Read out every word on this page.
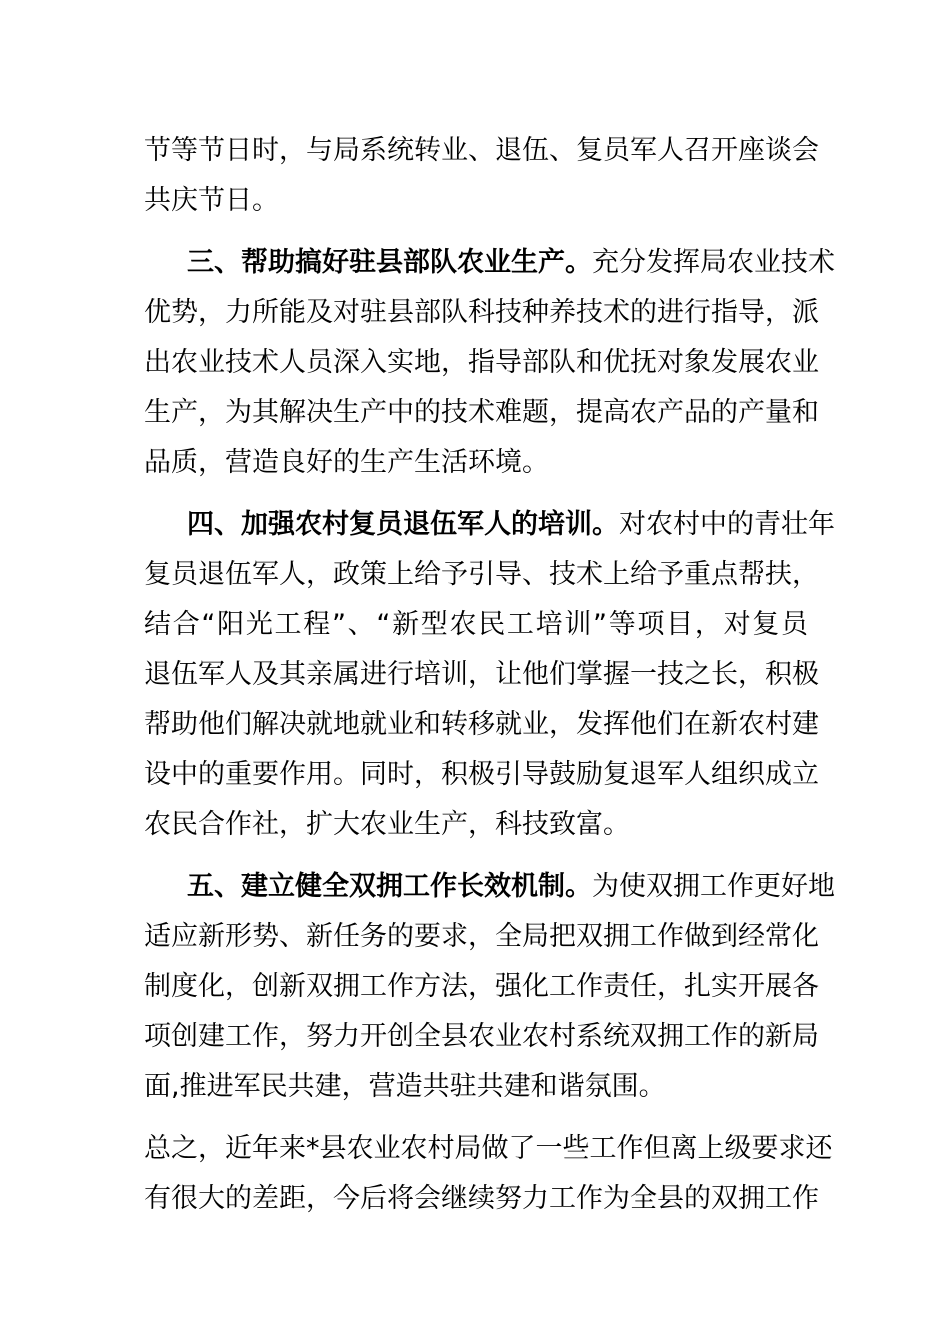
节等节日时，与局系统转业、退伍、复员军人召开座谈会
共庆节日。
三、帮助搞好驻县部队农业生产。充分发挥局农业技术
优势，力所能及对驻县部队科技种养技术的进行指导，派
出农业技术人员深入实地，指导部队和优抚对象发展农业
生产，为其解决生产中的技术难题，提高农产品的产量和
品质，营造良好的生产生活环境。
四、加强农村复员退伍军人的培训。对农村中的青壮年
复员退伍军人，政策上给予引导、技术上给予重点帮扶，
结合“阳光工程”、“新型农民工培训”等项目，对复员
退伍军人及其亲属进行培训，让他们掌握一技之长，积极
帮助他们解决就地就业和转移就业，发挥他们在新农村建
设中的重要作用。同时，积极引导鼓励复退军人组织成立
农民合作社，扩大农业生产，科技致富。
五、建立健全双拥工作长效机制。为使双拥工作更好地
适应新形势、新任务的要求，全局把双拥工作做到经常化
制度化，创新双拥工作方法，强化工作责任，扎实开展各
项创建工作，努力开创全县农业农村系统双拥工作的新局
面,推进军民共建，营造共驻共建和谐氛围。
总之，近年来*县农业农村局做了一些工作但离上级要求还
有很大的差距，今后将会继续努力工作为全县的双拥工作
